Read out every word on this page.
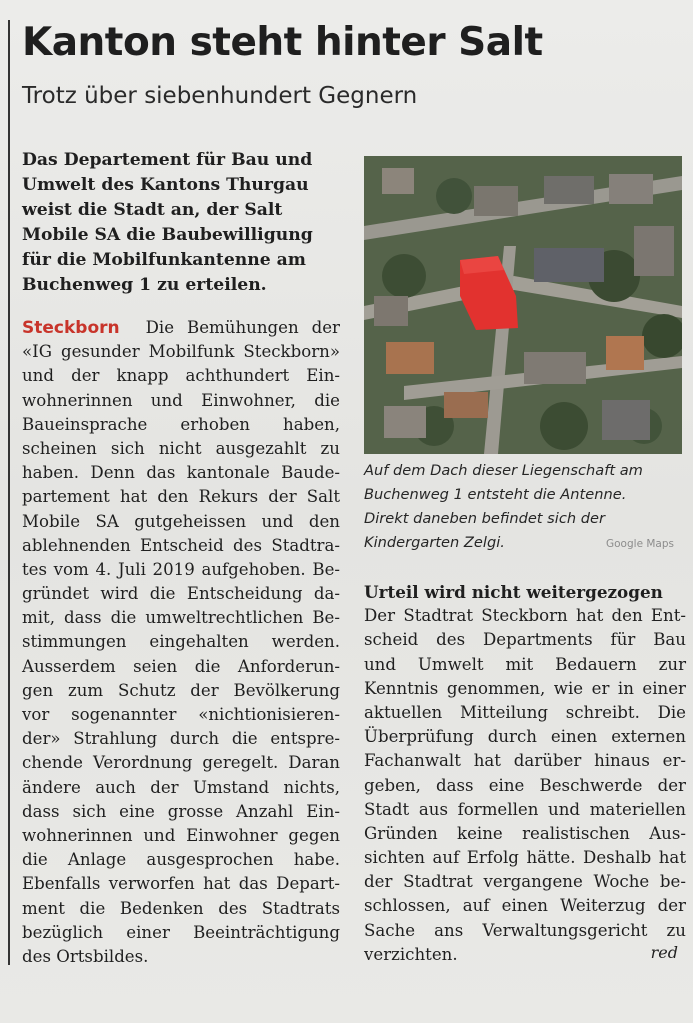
Kanton steht hinter Salt
Trotz über siebenhundert Gegnern
Das Departement für Bau und
Umwelt des Kantons Thurgau
weist die Stadt an, der Salt
Mobile SA die Baubewilligung
für die Mobilfunkantenne am
Buchenweg 1 zu erteilen.
Steckborn Die Bemühungen der
«IG gesunder Mobilfunk Steckborn»
und der knapp achthundert Ein-
wohnerinnen und Einwohner, die
Baueinsprache erhoben haben,
scheinen sich nicht ausgezahlt zu
haben. Denn das kantonale Baude-
partement hat den Rekurs der Salt
Mobile SA gutgeheissen und den
ablehnenden Entscheid des Stadtra-
tes vom 4. Juli 2019 aufgehoben. Be-
gründet wird die Entscheidung da-
mit, dass die umweltrechtlichen Be-
stimmungen eingehalten werden.
Ausserdem seien die Anforderun-
gen zum Schutz der Bevölkerung
vor sogenannter «nichtionisieren-
der» Strahlung durch die entspre-
chende Verordnung geregelt. Daran
ändere auch der Umstand nichts,
dass sich eine grosse Anzahl Ein-
wohnerinnen und Einwohner gegen
die Anlage ausgesprochen habe.
Ebenfalls verworfen hat das Depart-
ment die Bedenken des Stadtrats
bezüglich einer Beeinträchtigung
des Ortsbildes.
Auf dem Dach dieser Liegenschaft am
Buchenweg 1 entsteht die Antenne.
Direkt daneben befindet sich der
Kindergarten Zelgi.	Google Maps
Urteil wird nicht weitergezogen
Der Stadtrat Steckborn hat den Ent-
scheid des Departments für Bau
und Umwelt mit Bedauern zur
Kenntnis genommen, wie er in einer
aktuellen Mitteilung schreibt. Die
Überprüfung durch einen externen
Fachanwalt hat darüber hinaus er-
geben, dass eine Beschwerde der
Stadt aus formellen und materiellen
Gründen keine realistischen Aus-
sichten auf Erfolg hätte. Deshalb hat
der Stadtrat vergangene Woche be-
schlossen, auf einen Weiterzug der
Sache ans Verwaltungsgericht zu
verzichten.	red
